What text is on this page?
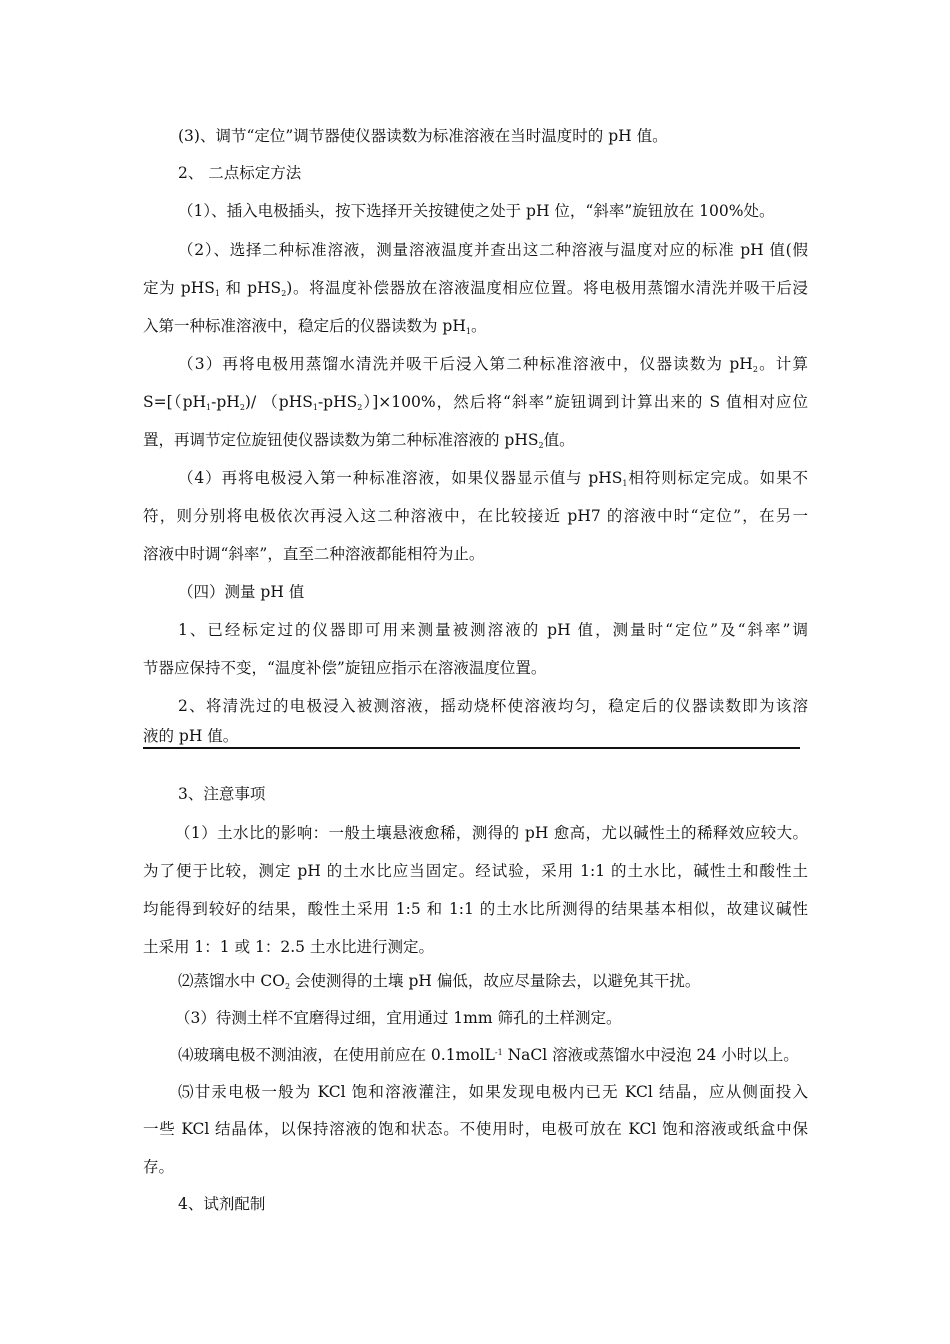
(3)、调节“定位”调节器使仪器读数为标准溶液在当时温度时的 pH 值。
2、 二点标定方法
（1）、插入电极插头，按下选择开关按键使之处于 pH 位，“斜率”旋钮放在 100%处。
（2）、选择二种标准溶液，测量溶液温度并查出这二种溶液与温度对应的标准 pH 值(假
定为 pHS$_1$ 和 pHS$_2$)。将温度补偿器放在溶液温度相应位置。将电极用蒸馏水清洗并吸干后浸
入第一种标准溶液中，稳定后的仪器读数为 $pH_1$。
（3）再将电极用蒸馏水清洗并吸干后浸入第二种标准溶液中，仪器读数为 $pH_2$。计算
$S=[(pH_1-pH_2)/$ （pHS$_1$-pHS$_2$）]×100%，然后将“斜率”旋钮调到计算出来的 S 值相对应位
置，再调节定位旋钮使仪器读数为第二种标准溶液的 pHS$_2$值。
（4）再将电极浸入第一种标准溶液，如果仪器显示值与 pHS$_1$相符则标定完成。如果不
符，则分别将电极依次再浸入这二种溶液中，在比较接近 pH7 的溶液中时“定位”，在另一
溶液中时调“斜率”，直至二种溶液都能相符为止。
（四）测量 pH 值
1、已经标定过的仪器即可用来测量被测溶液的 pH 值，测量时“定位”及“斜率”调
节器应保持不变，“温度补偿”旋钮应指示在溶液温度位置。
2、将清洗过的电极浸入被测溶液，摇动烧杯使溶液均匀，稳定后的仪器读数即为该溶
液的 pH 值。
3、注意事项
（1）土水比的影响：一般土壤悬液愈稀，测得的 pH 愈高，尤以碱性土的稀释效应较大。
为了便于比较，测定 pH 的土水比应当固定。经试验，采用 1:1 的土水比，碱性土和酸性土
均能得到较好的结果，酸性土采用 1:5 和 1:1 的土水比所测得的结果基本相似，故建议碱性
土采用 1：1 或 1：2.5 土水比进行测定。
⑵蒸馏水中 $CO_2$ 会使测得的土壤 pH 偏低，故应尽量除去，以避免其干扰。
（3）待测土样不宜磨得过细，宜用通过 1mm 筛孔的土样测定。
⑷玻璃电极不测油液，在使用前应在 0.1molL$^{-1}$ NaCl 溶液或蒸馏水中浸泡 24 小时以上。
⑸甘汞电极一般为 KCl 饱和溶液灌注，如果发现电极内已无 KCl 结晶，应从侧面投入
一些 KCl 结晶体，以保持溶液的饱和状态。不使用时，电极可放在 KCl 饱和溶液或纸盒中保
存。
4、试剂配制
